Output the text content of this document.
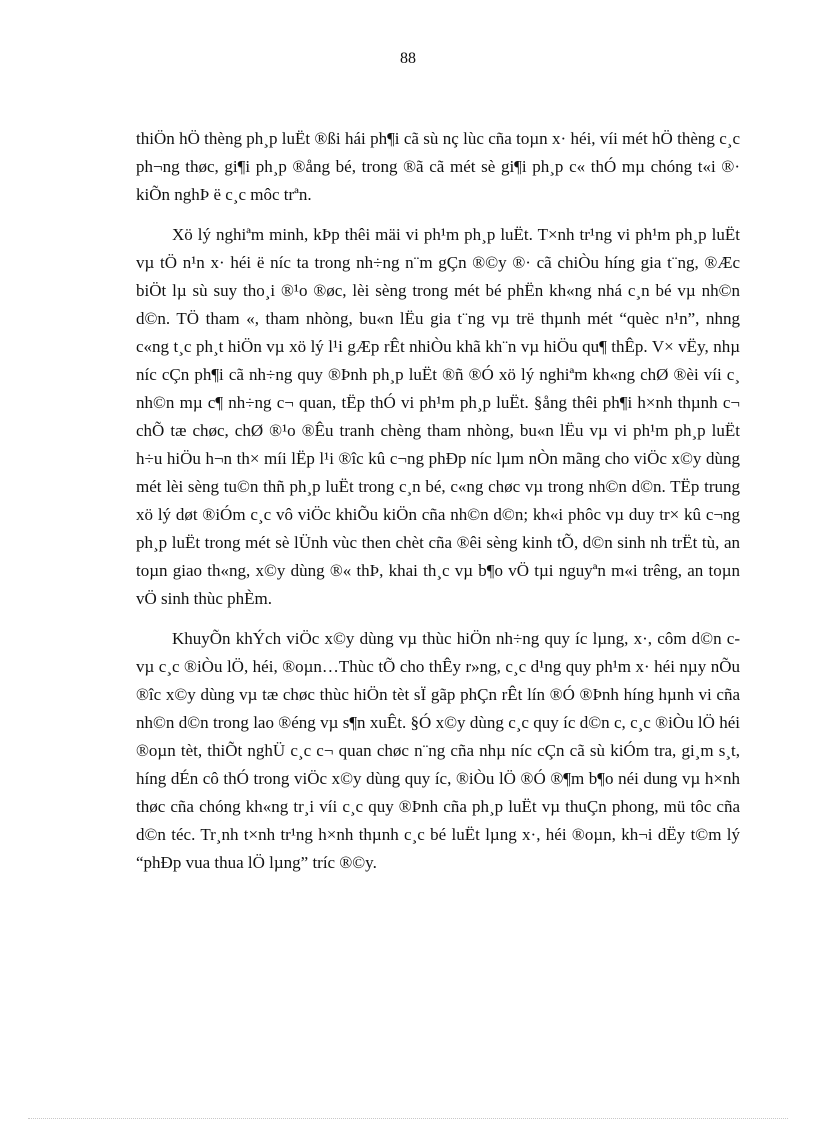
88

thiÖn hÖ thèng ph¸p luËt ®ßi hái ph¶i cã sù nç lùc cña toµn x· héi, víi mét hÖ thèng c¸c ph¬ng thøc, gi¶i ph¸p ®ång bé, trong ®ã cã mét sè gi¶i ph¸p c« thÓ mµ chóng t«i ®· kiÕn nghÞ ë c¸c môc trªn.

Xö lý nghiªm minh, kÞp thêi mäi vi ph¹m ph¸p luËt. T×nh tr¹ng vi ph¹m ph¸p luËt vµ tÖ n¹n x· héi ë níc ta trong nh÷ng n¨m gÇn ®©y ®· cã chiÒu híng gia t¨ng, ®Æc biÖt lµ sù suy tho¸i ®¹o ®øc, lèi sèng trong mét bé phËn kh«ng nhá c¸n bé vµ nh©n d©n. TÖ tham «, tham nhòng, bu«n lËu gia t¨ng vµ trë thµnh mét “quèc n¹n”, nhng c«ng t¸c ph¸t hiÖn vµ xö lý l¹i gÆp rÊt nhiÒu khã kh¨n vµ hiÖu qu¶ thÊp. V× vËy, nhµ níc cÇn ph¶i cã nh÷ng quy ®Þnh ph¸p luËt ®ñ ®Ó xö lý nghiªm kh«ng chØ ®èi víi c¸ nh©n mµ c¶ nh÷ng c¬ quan, tËp thÓ vi ph¹m ph¸p luËt. §ång thêi ph¶i h×nh thµnh c¬ chÕ tæ chøc, chØ ®¹o ®Êu tranh chèng tham nhòng, bu«n lËu vµ vi ph¹m ph¸p luËt h÷u hiÖu h¬n th× míi lËp l¹i ®îc kû c¬ng phÐp níc lµm nÒn mãng cho viÖc x©y dùng mét lèi sèng tu©n thñ ph¸p luËt trong c¸n bé, c«ng chøc vµ trong nh©n d©n. TËp trung xö lý døt ®iÓm c¸c vô viÖc khiÕu kiÖn cña nh©n d©n; kh«i phôc vµ duy tr× kû c¬ng ph¸p luËt trong mét sè lÜnh vùc then chèt cña ®êi sèng kinh tÕ, d©n sinh nh trËt tù, an toµn giao th«ng, x©y dùng ®« thÞ, khai th¸c vµ b¶o vÖ tµi nguyªn m«i trêng, an toµn vÖ sinh thùc phÈm.

KhuyÕn khÝch viÖc x©y dùng vµ thùc hiÖn nh÷ng quy íc lµng, x·, côm d©n c vµ c¸c ®iÒu lÖ, héi, ®oµn…Thùc tÕ cho thÊy r»ng, c¸c d¹ng quy ph¹m x· héi nµy nÕu ®îc x©y dùng vµ tæ chøc thùc hiÖn tèt sÏ gãp phÇn rÊt lín ®Ó ®Þnh híng hµnh vi cña nh©n d©n trong lao ®éng vµ s¶n xuÊt. §Ó x©y dùng c¸c quy íc d©n c, c¸c ®iÒu lÖ héi ®oµn tèt, thiÕt nghÜ c¸c c¬ quan chøc n¨ng cña nhµ níc cÇn cã sù kiÓm tra, gi¸m s¸t, híng dÉn cô thÓ trong viÖc x©y dùng quy íc, ®iÒu lÖ ®Ó ®¶m b¶o néi dung vµ h×nh thøc cña chóng kh«ng tr¸i víi c¸c quy ®Þnh cña ph¸p luËt vµ thuÇn phong, mü tôc cña d©n téc. Tr¸nh t×nh tr¹ng h×nh thµnh c¸c bé luËt lµng x·, héi ®oµn, kh¬i dËy t©m lý “phÐp vua thua lÖ lµng” tríc ®©y.
